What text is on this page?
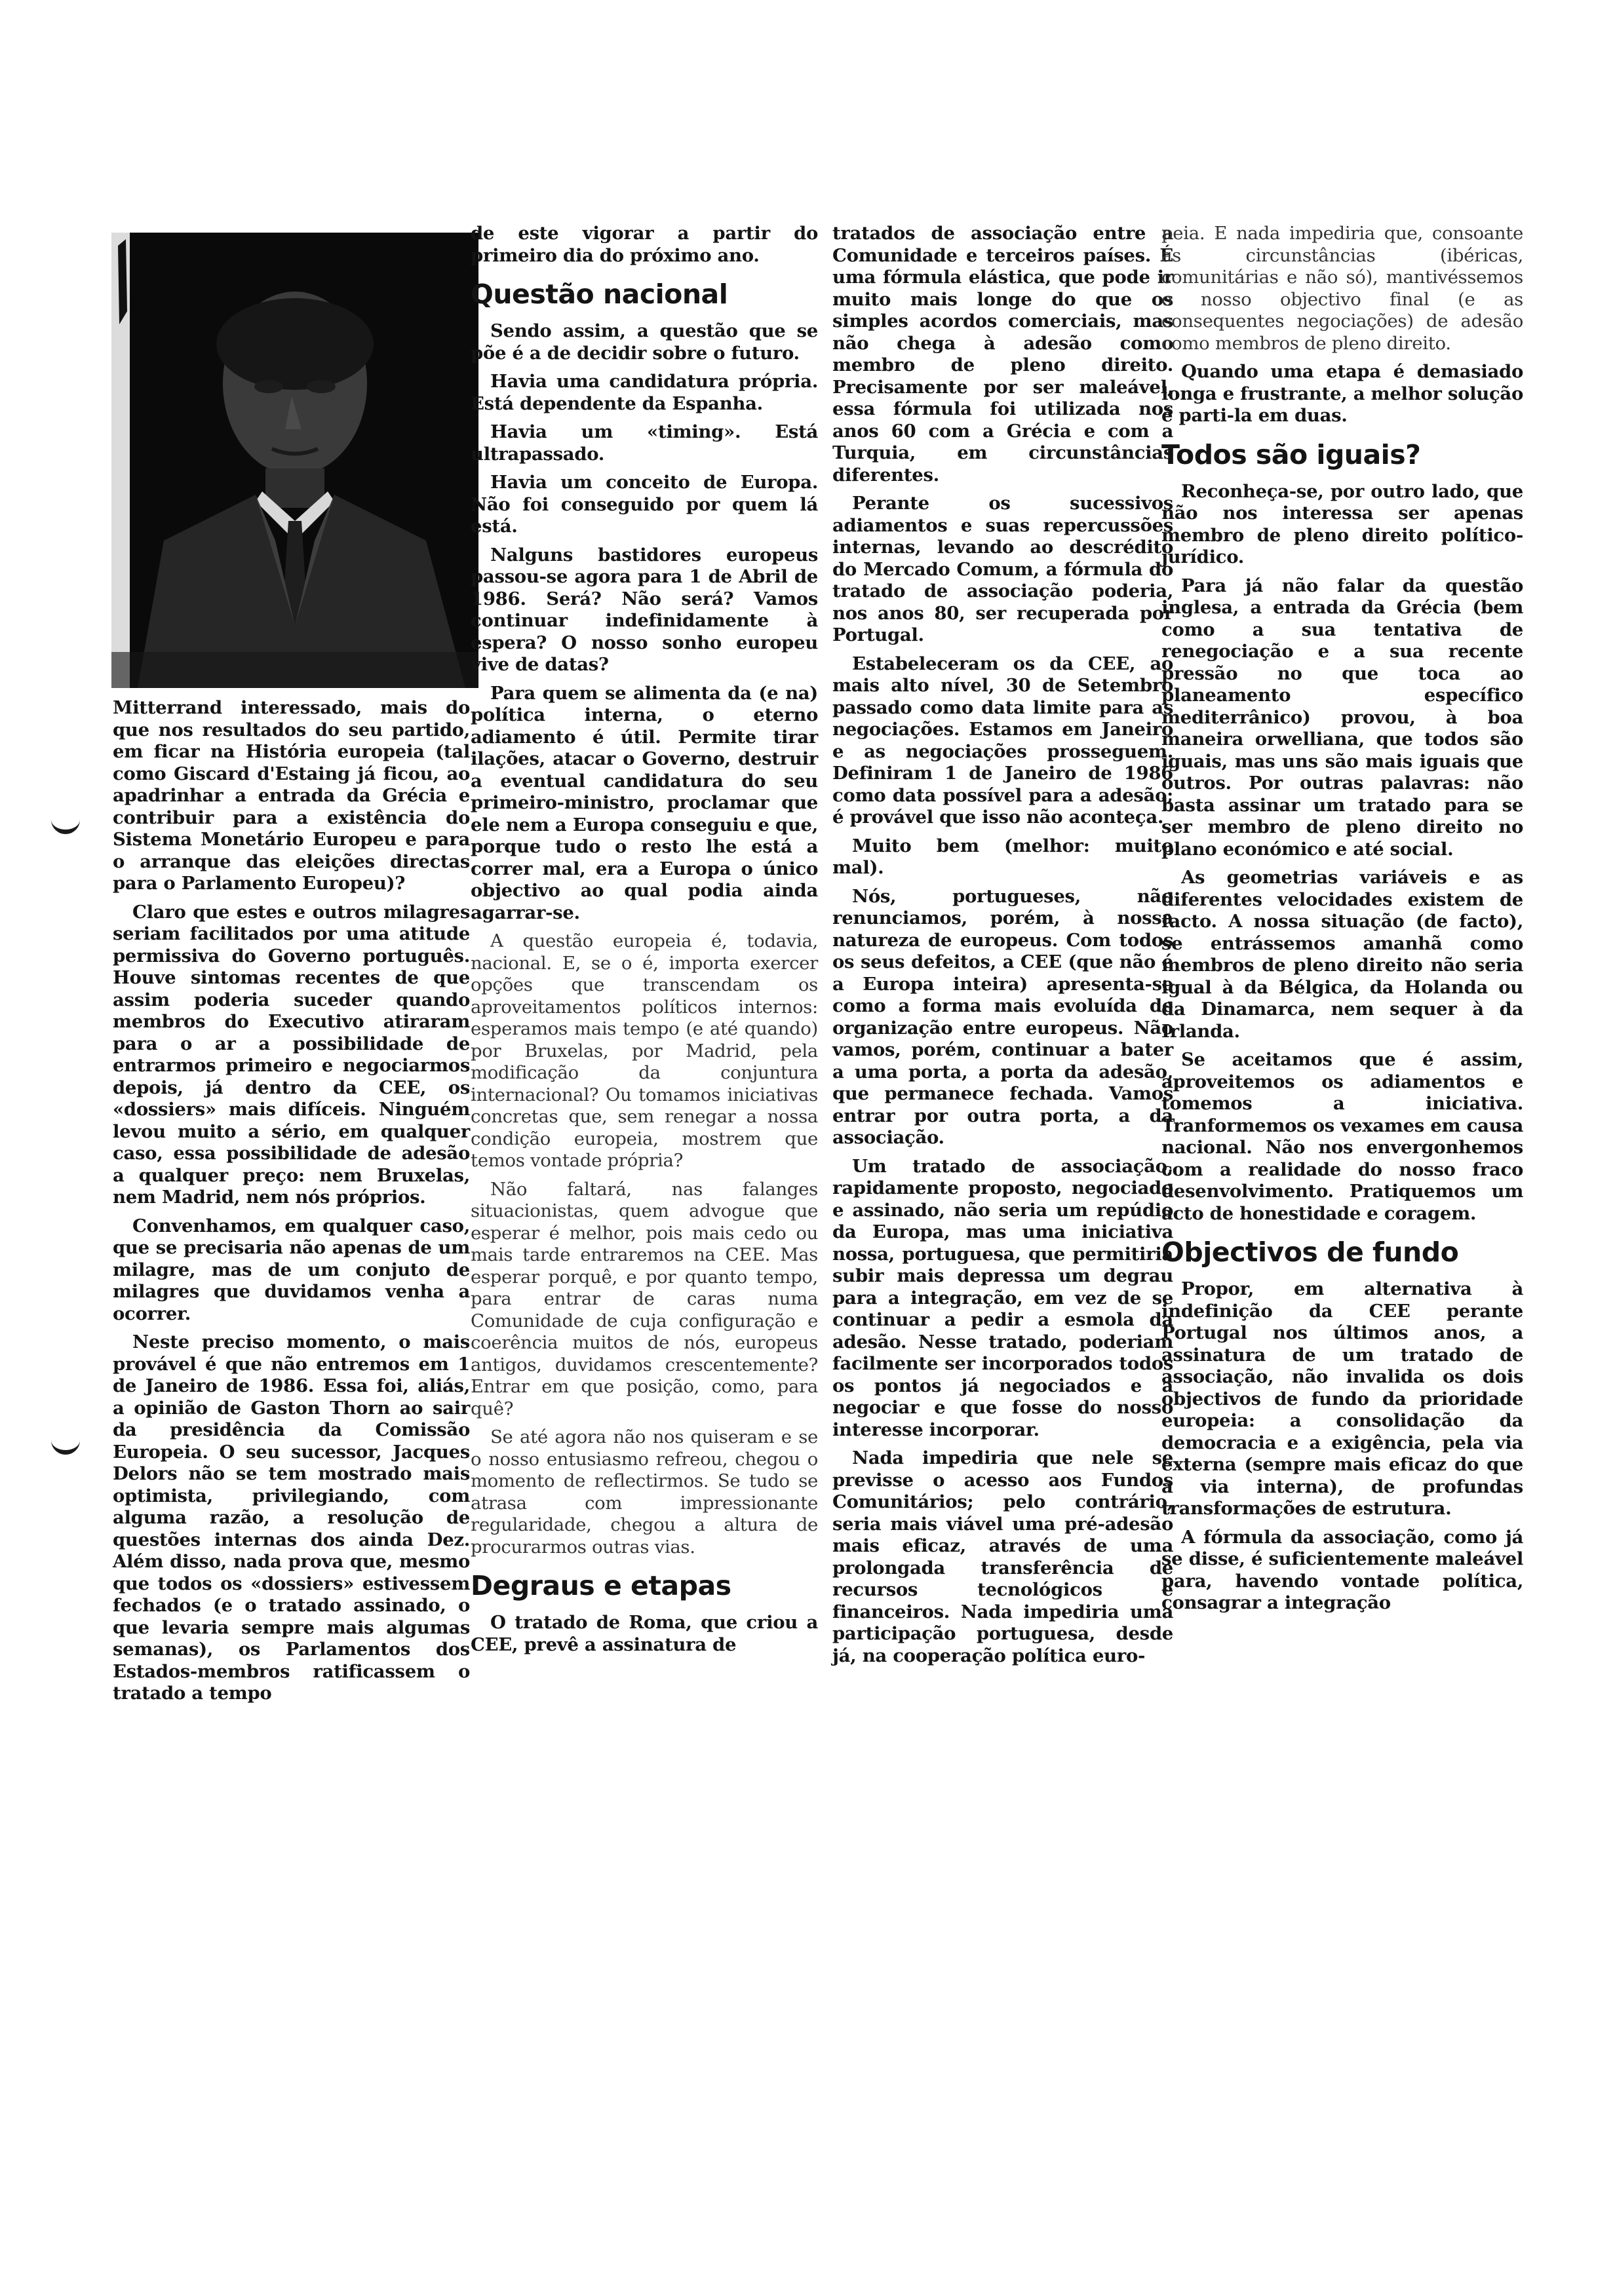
Mitterrand interessado, mais do que nos resultados do seu partido, em ficar na História europeia (tal como Giscard d'Estaing já ficou, ao apadrinhar a entrada da Grécia e contribuir para a existência do Sistema Monetário Europeu e para o arranque das eleições directas para o Parlamento Europeu)?

Claro que estes e outros milagres seriam facilitados por uma atitude permissiva do Governo português. Houve sintomas recentes de que assim poderia suceder quando membros do Executivo atiraram para o ar a possibilidade de entrarmos primeiro e negociarmos depois, já dentro da CEE, os «dossiers» mais difíceis. Ninguém levou muito a sério, em qualquer caso, essa possibilidade de adesão a qualquer preço: nem Bruxelas, nem Madrid, nem nós próprios.

Convenhamos, em qualquer caso, que se precisaria não apenas de um milagre, mas de um conjuto de milagres que duvidamos venha a ocorrer.

Neste preciso momento, o mais provável é que não entremos em 1 de Janeiro de 1986. Essa foi, aliás, a opinião de Gaston Thorn ao sair da presidência da Comissão Europeia. O seu sucessor, Jacques Delors não se tem mostrado mais optimista, privilegiando, com alguma razão, a resolução de questões internas dos ainda Dez. Além disso, nada prova que, mesmo que todos os «dossiers» estivessem fechados (e o tratado assinado, o que levaria sempre mais algumas semanas), os Parlamentos dos Estados-membros ratificassem o tratado a tempo

de este vigorar a partir do primeiro dia do próximo ano.

Questão nacional

Sendo assim, a questão que se põe é a de decidir sobre o futuro.

Havia uma candidatura própria. Está dependente da Espanha.

Havia um «timing». Está ultrapassado.

Havia um conceito de Europa. Não foi conseguido por quem lá está.

Nalguns bastidores europeus passou-se agora para 1 de Abril de 1986. Será? Não será? Vamos continuar indefinidamente à espera? O nosso sonho europeu vive de datas?

Para quem se alimenta da (e na) política interna, o eterno adiamento é útil. Permite tirar ilações, atacar o Governo, destruir a eventual candidatura do seu primeiro-ministro, proclamar que ele nem a Europa conseguiu e que, porque tudo o resto lhe está a correr mal, era a Europa o único objectivo ao qual podia ainda agarrar-se.

A questão europeia é, todavia, nacional. E, se o é, importa exercer opções que transcendam os aproveitamentos políticos internos: esperamos mais tempo (e até quando) por Bruxelas, por Madrid, pela modificação da conjuntura internacional? Ou tomamos iniciativas concretas que, sem renegar a nossa condição europeia, mostrem que temos vontade própria?

Não faltará, nas falanges situacionistas, quem advogue que esperar é melhor, pois mais cedo ou mais tarde entraremos na CEE. Mas esperar porquê, e por quanto tempo, para entrar de caras numa Comunidade de cuja configuração e coerência muitos de nós, europeus antigos, duvidamos crescentemente? Entrar em que posição, como, para quê?

Se até agora não nos quiseram e se o nosso entusiasmo refreou, chegou o momento de reflectirmos. Se tudo se atrasa com impressionante regularidade, chegou a altura de procurarmos outras vias.

Degraus e etapas

O tratado de Roma, que criou a CEE, prevê a assinatura de

tratados de associação entre a Comunidade e terceiros países. É uma fórmula elástica, que pode ir muito mais longe do que os simples acordos comerciais, mas não chega à adesão como membro de pleno direito. Precisamente por ser maleável, essa fórmula foi utilizada nos anos 60 com a Grécia e com a Turquia, em circunstâncias diferentes.

Perante os sucessivos adiamentos e suas repercussões internas, levando ao descrédito do Mercado Comum, a fórmula do tratado de associação poderia, nos anos 80, ser recuperada por Portugal.

Estabeleceram os da CEE, ao mais alto nível, 30 de Setembro passado como data limite para as negociações. Estamos em Janeiro e as negociações prosseguem. Definiram 1 de Janeiro de 1986 como data possível para a adesão; é provável que isso não aconteça.

Muito bem (melhor: muito mal).

Nós, portugueses, não renunciamos, porém, à nossa natureza de europeus. Com todos os seus defeitos, a CEE (que não é a Europa inteira) apresenta-se como a forma mais evoluída de organização entre europeus. Não vamos, porém, continuar a bater a uma porta, a porta da adesão, que permanece fechada. Vamos entrar por outra porta, a da associação.

Um tratado de associação, rapidamente proposto, negociado e assinado, não seria um repúdio da Europa, mas uma iniciativa nossa, portuguesa, que permitiria subir mais depressa um degrau para a integração, em vez de se continuar a pedir a esmola da adesão. Nesse tratado, poderiam facilmente ser incorporados todos os pontos já negociados e a negociar e que fosse do nosso interesse incorporar.

Nada impediria que nele se previsse o acesso aos Fundos Comunitários; pelo contrário, seria mais viável uma pré-adesão mais eficaz, através de uma prolongada transferência de recursos tecnológicos e financeiros. Nada impediria uma participação portuguesa, desde já, na cooperação política euro-

peia. E nada impediria que, consoante as circunstâncias (ibéricas, comunitárias e não só), mantivéssemos o nosso objectivo final (e as consequentes negociações) de adesão como membros de pleno direito.

Quando uma etapa é demasiado longa e frustrante, a melhor solução é parti-la em duas.

Todos são iguais?

Reconheça-se, por outro lado, que não nos interessa ser apenas membro de pleno direito político-jurídico.

Para já não falar da questão inglesa, a entrada da Grécia (bem como a sua tentativa de renegociação e a sua recente pressão no que toca ao planeamento específico mediterrânico) provou, à boa maneira orwelliana, que todos são iguais, mas uns são mais iguais que outros. Por outras palavras: não basta assinar um tratado para se ser membro de pleno direito no plano económico e até social.

As geometrias variáveis e as diferentes velocidades existem de facto. A nossa situação (de facto), se entrássemos amanhã como membros de pleno direito não seria igual à da Bélgica, da Holanda ou da Dinamarca, nem sequer à da Irlanda.

Se aceitamos que é assim, aproveitemos os adiamentos e tomemos a iniciativa. Tranformemos os vexames em causa nacional. Não nos envergonhemos com a realidade do nosso fraco desenvolvimento. Pratiquemos um acto de honestidade e coragem.

Objectivos de fundo

Propor, em alternativa à indefinição da CEE perante Portugal nos últimos anos, a assinatura de um tratado de associação, não invalida os dois objectivos de fundo da prioridade europeia: a consolidação da democracia e a exigência, pela via externa (sempre mais eficaz do que a via interna), de profundas transformações de estrutura.

A fórmula da associação, como já se disse, é suficientemente maleável para, havendo vontade política, consagrar a integração
